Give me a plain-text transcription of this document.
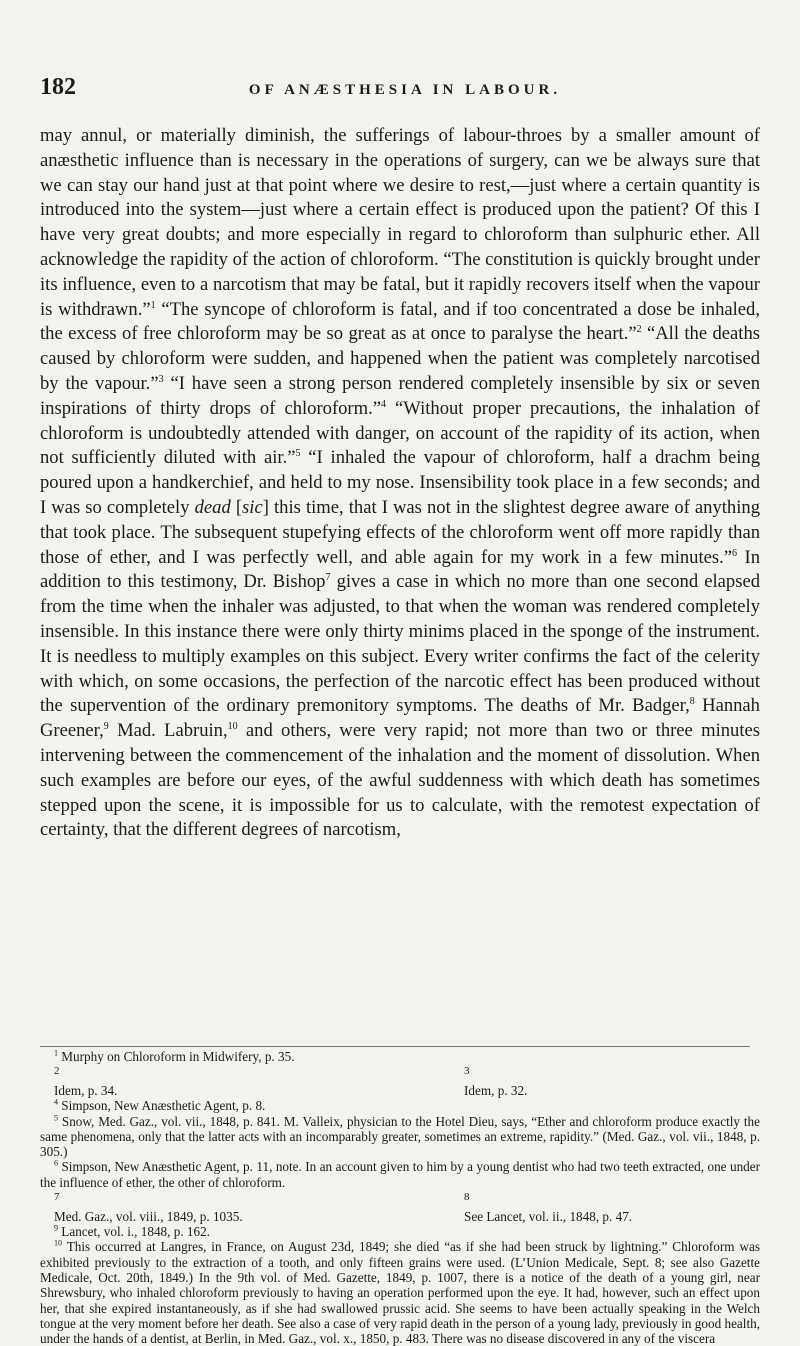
182	OF ANÆSTHESIA IN LABOUR.
may annul, or materially diminish, the sufferings of labour-throes by a smaller amount of anæsthetic influence than is necessary in the operations of surgery, can we be always sure that we can stay our hand just at that point where we desire to rest,—just where a certain quantity is introduced into the system—just where a certain effect is produced upon the patient? Of this I have very great doubts; and more especially in regard to chloroform than sulphuric ether. All acknowledge the rapidity of the action of chloroform. “The constitution is quickly brought under its influence, even to a narcotism that may be fatal, but it rapidly recovers itself when the vapour is withdrawn.”$^1$ “The syncope of chloroform is fatal, and if too concentrated a dose be inhaled, the excess of free chloroform may be so great as at once to paralyse the heart.”$^2$ “All the deaths caused by chloroform were sudden, and happened when the patient was completely narcotised by the vapour.”$^3$ “I have seen a strong person rendered completely insensible by six or seven inspirations of thirty drops of chloroform.”$^4$ “Without proper precautions, the inhalation of chloroform is undoubtedly attended with danger, on account of the rapidity of its action, when not sufficiently diluted with air.”$^5$ “I inhaled the vapour of chloroform, half a drachm being poured upon a handkerchief, and held to my nose. Insensibility took place in a few seconds; and I was so completely dead [sic] this time, that I was not in the slightest degree aware of anything that took place. The subsequent stupefying effects of the chloroform went off more rapidly than those of ether, and I was perfectly well, and able again for my work in a few minutes.”$^6$ In addition to this testimony, Dr. Bishop$^7$ gives a case in which no more than one second elapsed from the time when the inhaler was adjusted, to that when the woman was rendered completely insensible. In this instance there were only thirty minims placed in the sponge of the instrument. It is needless to multiply examples on this subject. Every writer confirms the fact of the celerity with which, on some occasions, the perfection of the narcotic effect has been produced without the supervention of the ordinary premonitory symptoms. The deaths of Mr. Badger,$^8$ Hannah Greener,$^9$ Mad. Labruin,$^{10}$ and others, were very rapid; not more than two or three minutes intervening between the commencement of the inhalation and the moment of dissolution. When such examples are before our eyes, of the awful suddenness with which death has sometimes stepped upon the scene, it is impossible for us to calculate, with the remotest expectation of certainty, that the different degrees of narcotism,

$^1$ Murphy on Chloroform in Midwifery, p. 35.

$^2$
Idem, p. 34.
$^3$
Idem, p. 32.

$^4$ Simpson, New Anæsthetic Agent, p. 8.

$^5$ Snow, Med. Gaz., vol. vii., 1848, p. 841. M. Valleix, physician to the Hotel Dieu, says, “Ether and chloroform produce exactly the same phenomena, only that the latter acts with an incomparably greater, sometimes an extreme, rapidity.” (Med. Gaz., vol. vii., 1848, p. 305.)

$^6$ Simpson, New Anæsthetic Agent, p. 11, note. In an account given to him by a young dentist who had two teeth extracted, one under the influence of ether, the other of chloroform.

$^7$
Med. Gaz., vol. viii., 1849, p. 1035.
$^8$
See Lancet, vol. ii., 1848, p. 47.

$^9$ Lancet, vol. i., 1848, p. 162.

$^{10}$ This occurred at Langres, in France, on August 23d, 1849; she died “as if she had been struck by lightning.” Chloroform was exhibited previously to the extraction of a tooth, and only fifteen grains were used. (L’Union Medicale, Sept. 8; see also Gazette Medicale, Oct. 20th, 1849.) In the 9th vol. of Med. Gazette, 1849, p. 1007, there is a notice of the death of a young girl, near Shrewsbury, who inhaled chloroform previously to having an operation performed upon the eye. It had, however, such an effect upon her, that she expired instantaneously, as if she had swallowed prussic acid. She seems to have been actually speaking in the Welch tongue at the very moment before her death. See also a case of very rapid death in the person of a young lady, previously in good health, under the hands of a dentist, at Berlin, in Med. Gaz., vol. x., 1850, p. 483. There was no disease discovered in any of the viscera
